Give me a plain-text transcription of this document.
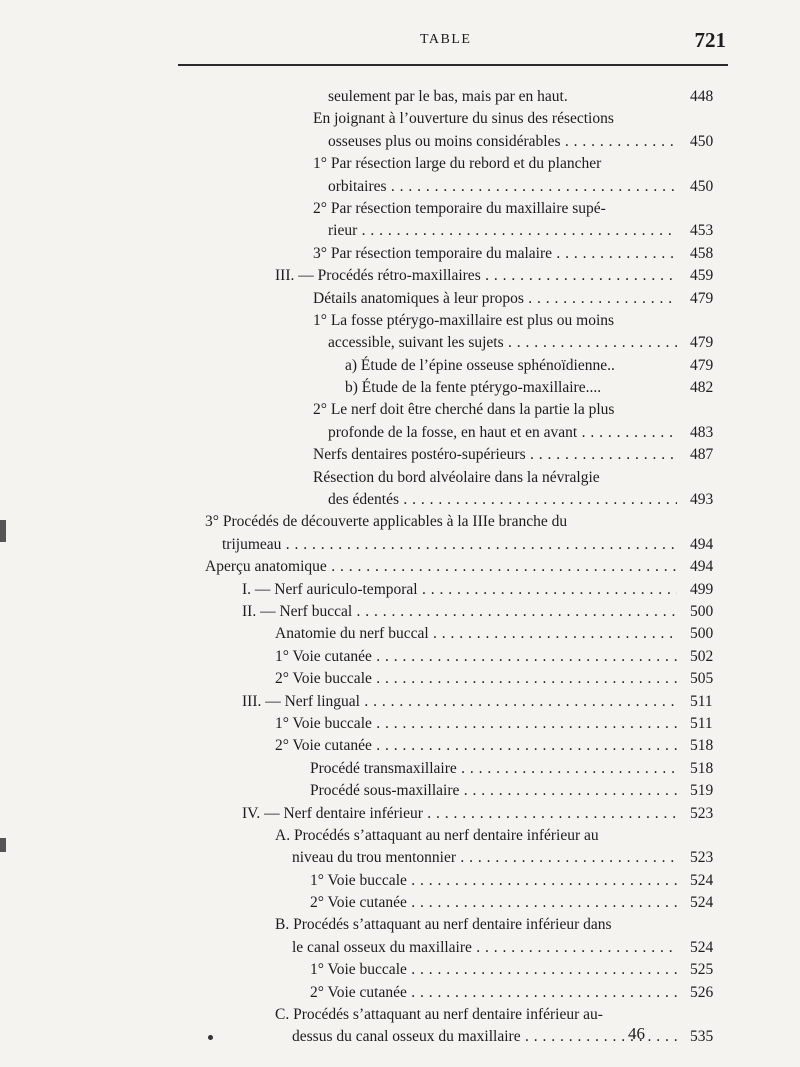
TABLE	721
seulement par le bas, mais par en haut.	448
En joignant à l’ouverture du sinus des résections
osseuses plus ou moins considérables . . .	450
1° Par résection large du rebord et du plancher
orbitaires . . .	450
2° Par résection temporaire du maxillaire supé-
rieur . . .	453
3° Par résection temporaire du malaire . . .	458
III. — Procédés rétro-maxillaires . . .	459
Détails anatomiques à leur propos . . .	479
1° La fosse ptérygo-maxillaire est plus ou moins
accessible, suivant les sujets . . .	479
a) Étude de l’épine osseuse sphénoïdienne..	479
b) Étude de la fente ptérygo-maxillaire....	482
2° Le nerf doit être cherché dans la partie la plus
profonde de la fosse, en haut et en avant . . .	483
Nerfs dentaires postéro-supérieurs . . .	487
Résection du bord alvéolaire dans la névralgie
des édentés . . .	493
3° Procédés de découverte applicables à la IIIe branche du
trijumeau . . .	494
Aperçu anatomique . . .	494
I. — Nerf auriculo-temporal . . .	499
II. — Nerf buccal . . .	500
Anatomie du nerf buccal . . .	500
1° Voie cutanée . . .	502
2° Voie buccale . . .	505
III. — Nerf lingual . . .	511
1° Voie buccale . . .	511
2° Voie cutanée . . .	518
Procédé transmaxillaire . . .	518
Procédé sous-maxillaire . . .	519
IV. — Nerf dentaire inférieur . . .	523
A. Procédés s’attaquant au nerf dentaire inférieur au
niveau du trou mentonnier . . .	523
1° Voie buccale . . .	524
2° Voie cutanée . . .	524
B. Procédés s’attaquant au nerf dentaire inférieur dans
le canal osseux du maxillaire . . .	524
1° Voie buccale . . .	525
2° Voie cutanée . . .	526
C. Procédés s’attaquant au nerf dentaire inférieur au-
dessus du canal osseux du maxillaire . . .	535
46
